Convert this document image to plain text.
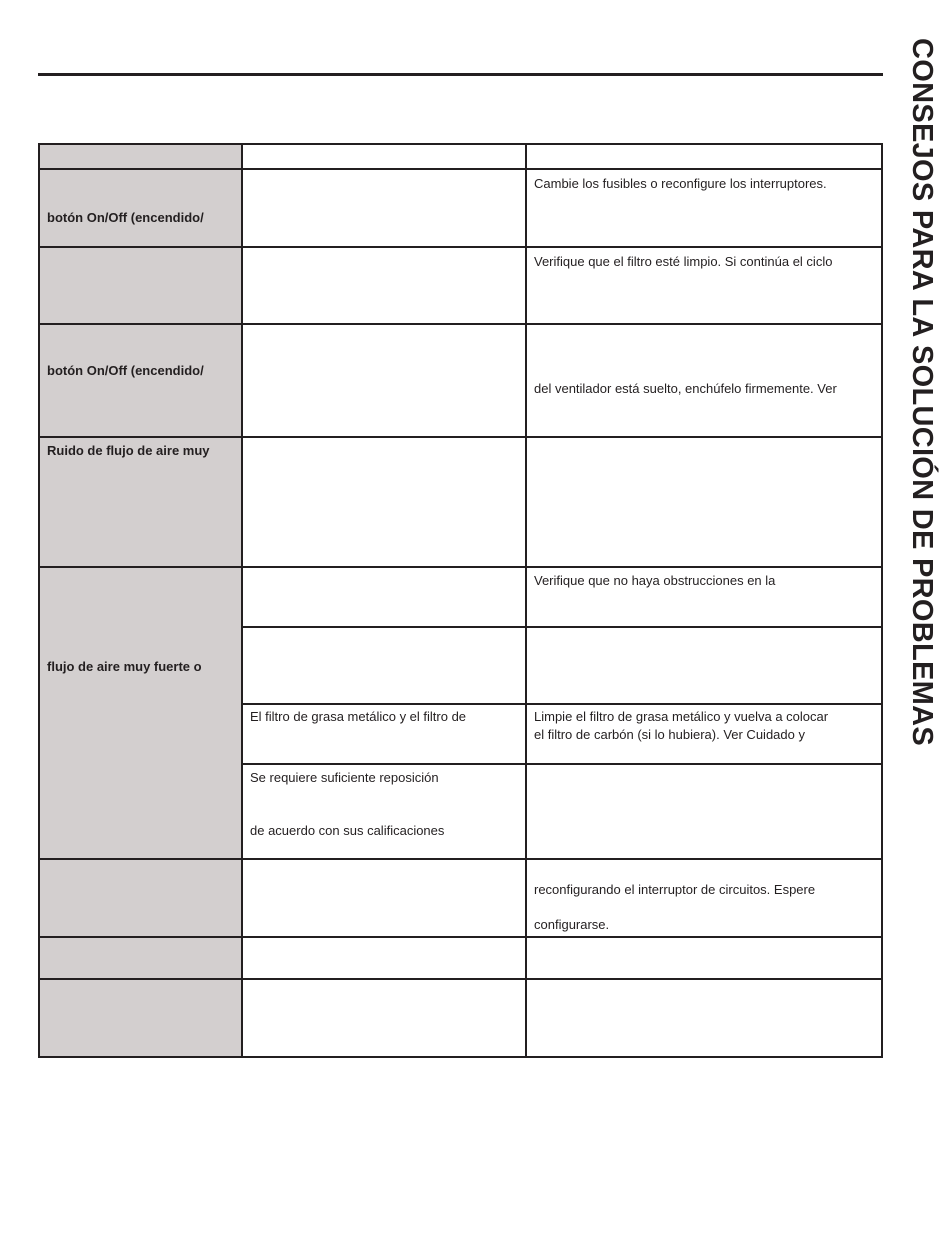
CONSEJOS PARA LA SOLUCIÓN DE PROBLEMAS
botón On/Off (encendido/
Cambie los fusibles o reconfigure los interruptores.
Verifique que el filtro esté limpio. Si continúa el ciclo
botón On/Off (encendido/
del ventilador está suelto, enchúfelo firmemente. Ver
Ruido de flujo de aire muy
flujo de aire muy fuerte o
Verifique que no haya obstrucciones en la
El filtro de grasa metálico y el filtro de	Limpie el filtro de grasa metálico y vuelva a colocar
el filtro de carbón (si lo hubiera). Ver Cuidado y
Se requiere suficiente reposición
de acuerdo con sus calificaciones
reconfigurando el interruptor de circuitos. Espere
configurarse.
